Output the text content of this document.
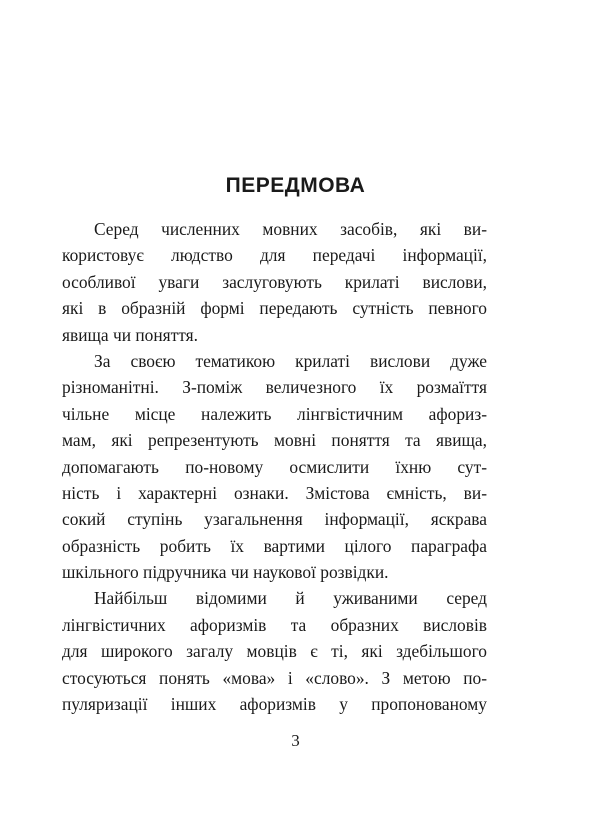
ПЕРЕДМОВА
Серед численних мовних засобів, які ви-
користовує людство для передачі інформації,
особливої уваги заслуговують крилаті вислови,
які в образній формі передають сутність певного
явища чи поняття.
За своєю тематикою крилаті вислови дуже
різноманітні. З-поміж величезного їх розмаїття
чільне місце належить лінгвістичним афориз-
мам, які репрезентують мовні поняття та явища,
допомагають по-новому осмислити їхню сут-
ність і характерні ознаки. Змістова ємність, ви-
сокий ступінь узагальнення інформації, яскрава
образність робить їх вартими цілого параграфа
шкільного підручника чи наукової розвідки.
Найбільш відомими й уживаними серед
лінгвістичних афоризмів та образних висловів
для широкого загалу мовців є ті, які здебільшого
стосуються понять «мова» і «слово». З метою по-
пуляризації інших афоризмів у пропонованому
3
